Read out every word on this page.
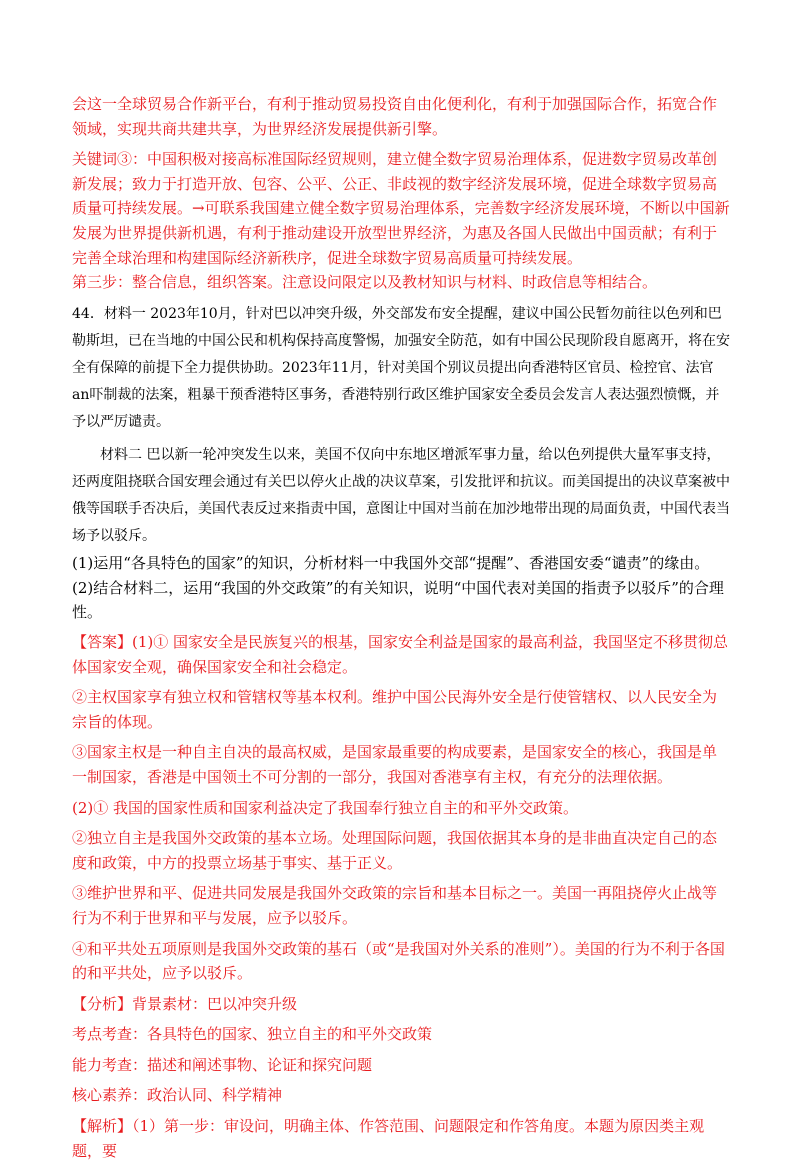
会这一全球贸易合作新平台，有利于推动贸易投资自由化便利化，有利于加强国际合作，拓宽合作领域，实现共商共建共享，为世界经济发展提供新引擎。

关键词③：中国积极对接高标准国际经贸规则，建立健全数字贸易治理体系，促进数字贸易改革创新发展；致力于打造开放、包容、公平、公正、非歧视的数字经济发展环境，促进全球数字贸易高质量可持续发展。→可联系我国建立健全数字贸易治理体系，完善数字经济发展环境，不断以中国新发展为世界提供新机遇，有利于推动建设开放型世界经济，为惠及各国人民做出中国贡献；有利于完善全球治理和构建国际经济新秩序，促进全球数字贸易高质量可持续发展。

第三步：整合信息，组织答案。注意设问限定以及教材知识与材料、时政信息等相结合。

44．材料一 2023年10月，针对巴以冲突升级，外交部发布安全提醒，建议中国公民暂勿前往以色列和巴勒斯坦，已在当地的中国公民和机构保持高度警惕，加强安全防范，如有中国公民现阶段自愿离开，将在安全有保障的前提下全力提供协助。2023年11月，针对美国个别议员提出向香港特区官员、检控官、法官an吓制裁的法案，粗暴干预香港特区事务，香港特别行政区维护国家安全委员会发言人表达强烈愤慨，并予以严厉谴责。

材料二 巴以新一轮冲突发生以来，美国不仅向中东地区增派军事力量，给以色列提供大量军事支持，还两度阻挠联合国安理会通过有关巴以停火止战的决议草案，引发批评和抗议。而美国提出的决议草案被中俄等国联手否决后，美国代表反过来指责中国，意图让中国对当前在加沙地带出现的局面负责，中国代表当场予以驳斥。

(1)运用“各具特色的国家”的知识，分析材料一中我国外交部“提醒”、香港国安委“谴责”的缘由。

(2)结合材料二，运用“我国的外交政策”的有关知识，说明“中国代表对美国的指责予以驳斥”的合理性。

【答案】(1)① 国家安全是民族复兴的根基，国家安全利益是国家的最高利益，我国坚定不移贯彻总体国家安全观，确保国家安全和社会稳定。

②主权国家享有独立权和管辖权等基本权利。维护中国公民海外安全是行使管辖权、以人民安全为宗旨的体现。

③国家主权是一种自主自决的最高权威，是国家最重要的构成要素，是国家安全的核心，我国是单一制国家，香港是中国领土不可分割的一部分，我国对香港享有主权，有充分的法理依据。

(2)① 我国的国家性质和国家利益决定了我国奉行独立自主的和平外交政策。

②独立自主是我国外交政策的基本立场。处理国际问题，我国依据其本身的是非曲直决定自己的态度和政策，中方的投票立场基于事实、基于正义。

③维护世界和平、促进共同发展是我国外交政策的宗旨和基本目标之一。美国一再阻挠停火止战等行为不利于世界和平与发展，应予以驳斥。

④和平共处五项原则是我国外交政策的基石（或“是我国对外关系的准则”）。美国的行为不利于各国的和平共处，应予以驳斥。

【分析】背景素材：巴以冲突升级

考点考查：各具特色的国家、独立自主的和平外交政策

能力考查：描述和阐述事物、论证和探究问题

核心素养：政治认同、科学精神

【解析】（1）第一步：审设问，明确主体、作答范围、问题限定和作答角度。本题为原因类主观题，要
